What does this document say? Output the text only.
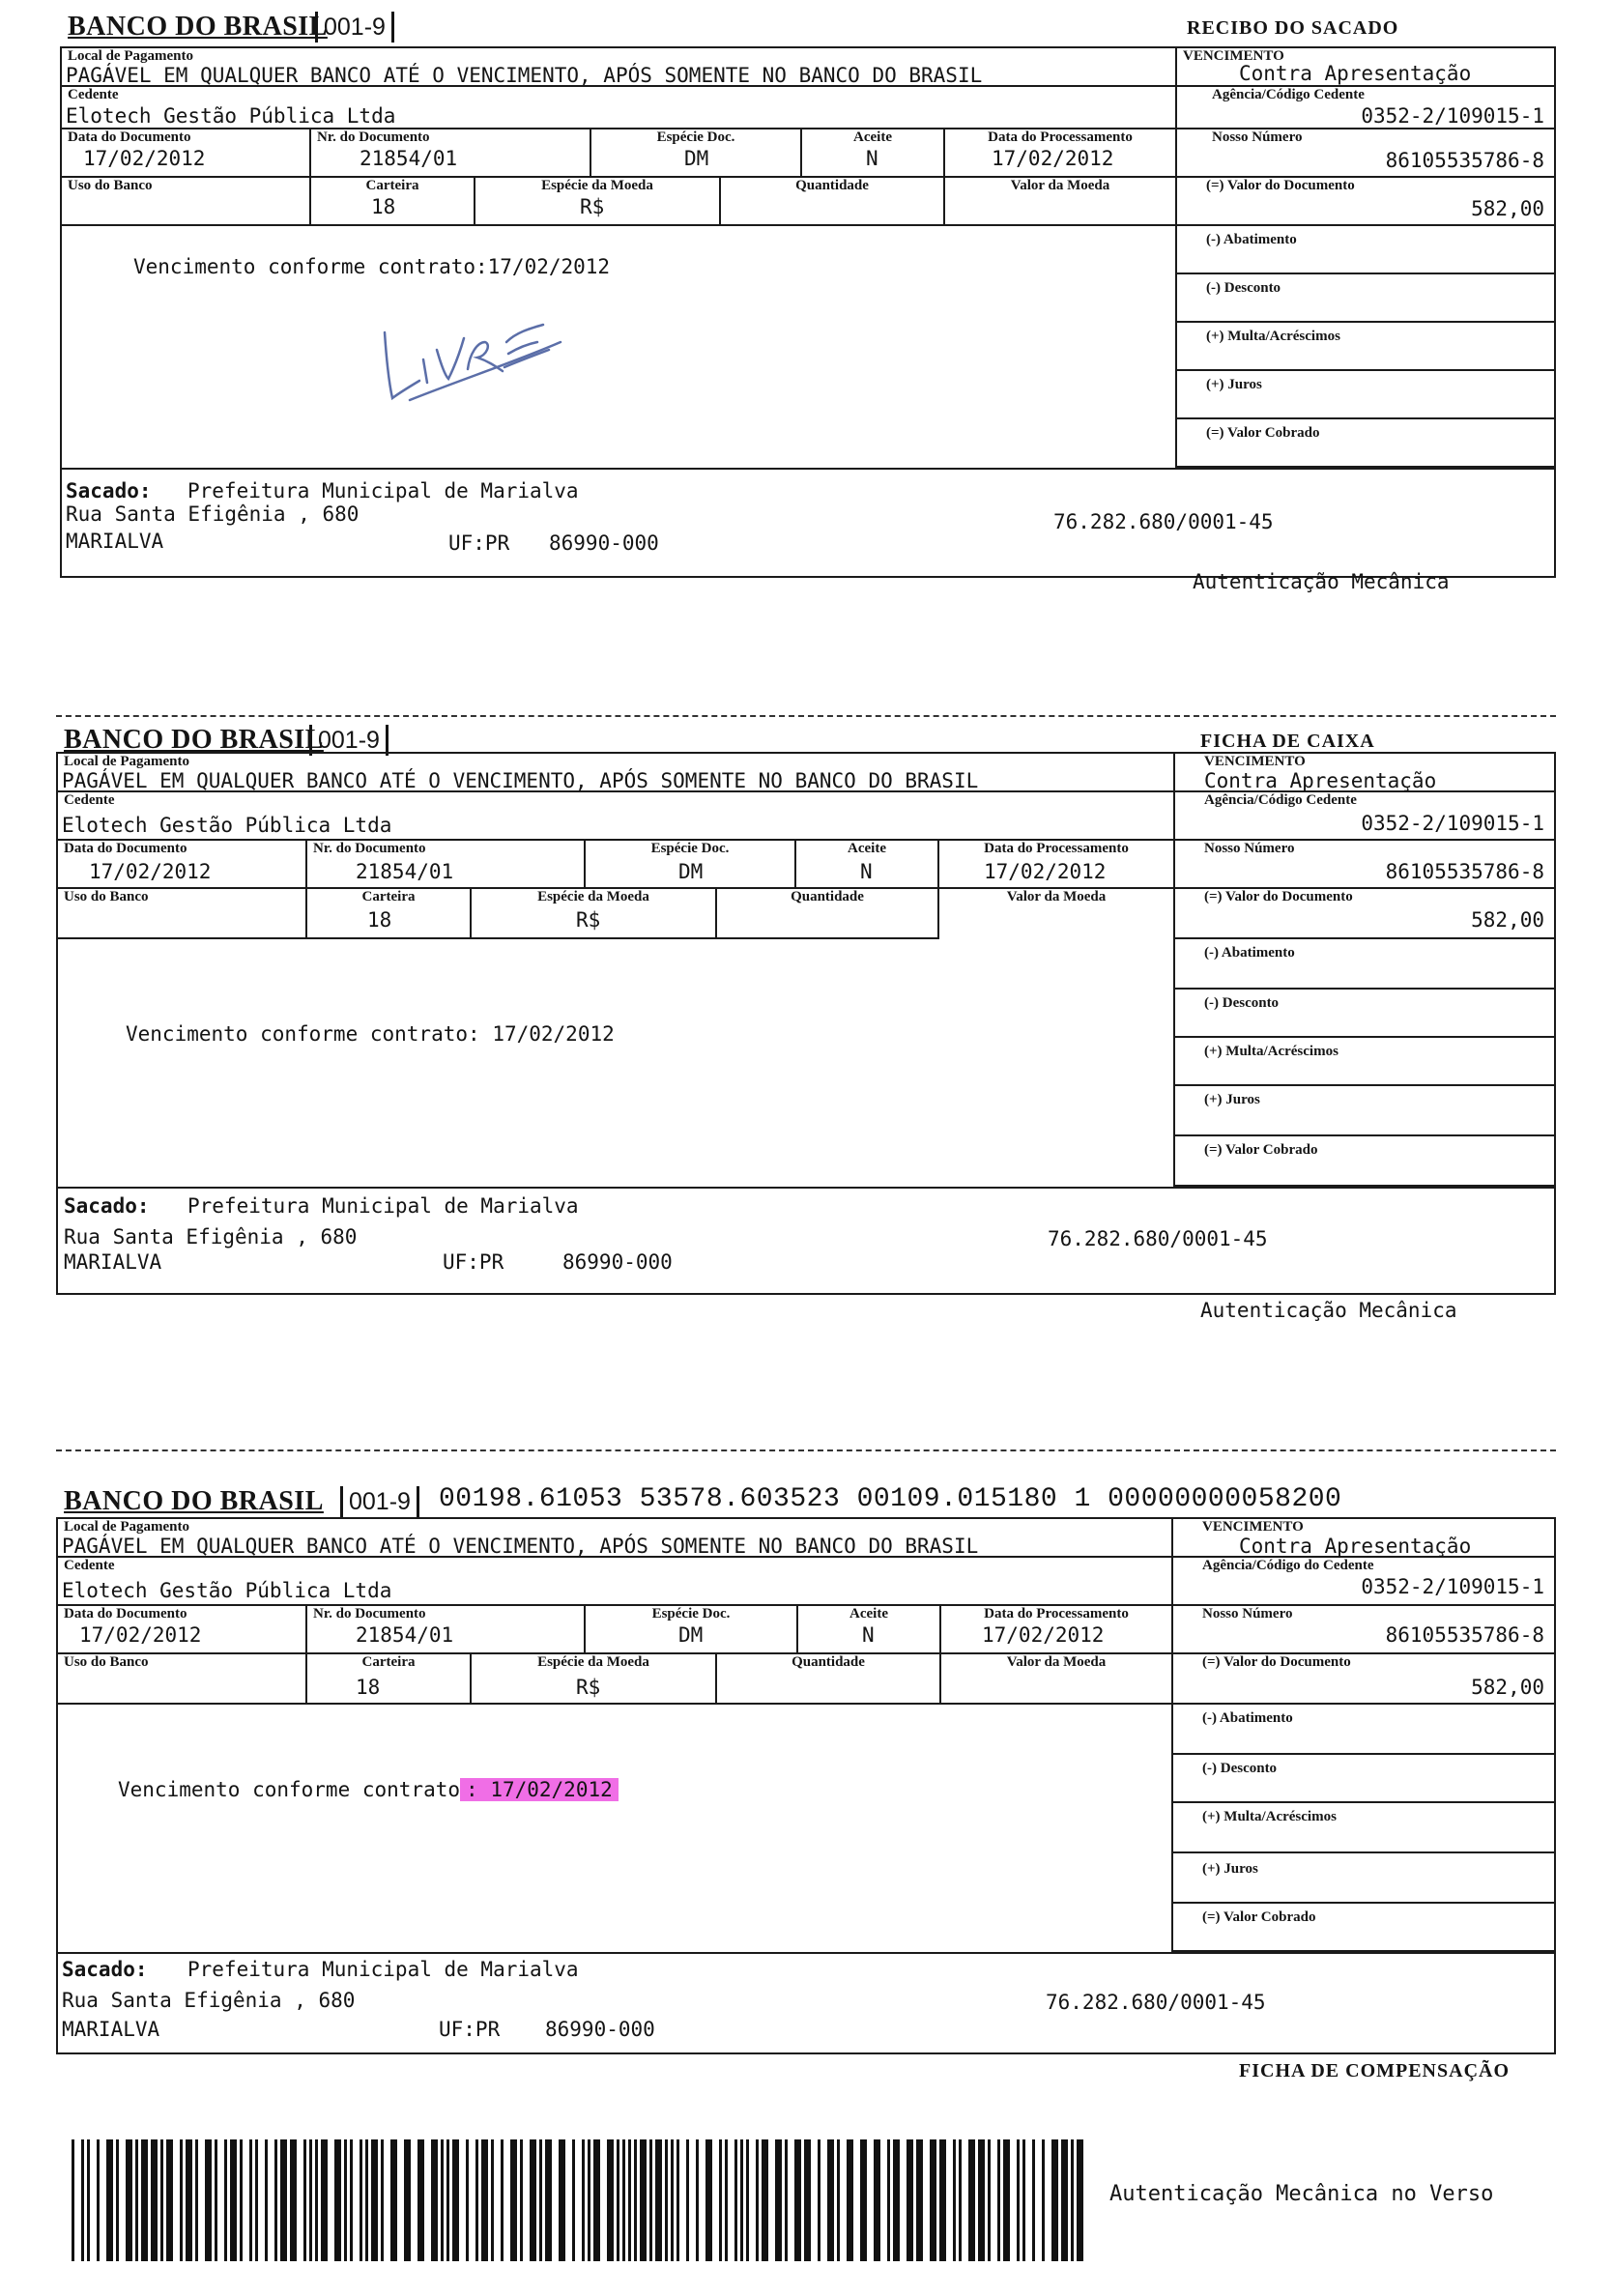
BANCO DO BRASIL
001-9	RECIBO DO SACADO
Local de Pagamento
PAGÁVEL EM QUALQUER BANCO ATÉ O VENCIMENTO, APÓS SOMENTE NO BANCO DO BRASIL
VENCIMENTO
Contra Apresentação
Cedente
Elotech Gestão Pública Ltda
Agência/Código Cedente
0352-2/109015-1
Data do Documento
17/02/2012
Nr. do Documento
21854/01
Espécie Doc.
DM
Aceite
N
Data do Processamento
17/02/2012
Nosso Número
86105535786-8
Uso do Banco	Carteira
18
Espécie da Moeda
R$
Quantidade	Valor da Moeda	(=) Valor do Documento
582,00
Vencimento conforme contrato:17/02/2012
Livre
(-) Abatimento
(-) Desconto
(+) Multa/Acréscimos
(+) Juros
(=) Valor Cobrado
Sacado: Prefeitura Municipal de Marialva
Rua Santa Efigênia , 680
MARIALVA	UF:PR 86990-000
76.282.680/0001-45
Autenticação Mecânica
BANCO DO BRASIL
001-9	FICHA DE CAIXA
Local de Pagamento
PAGÁVEL EM QUALQUER BANCO ATÉ O VENCIMENTO, APÓS SOMENTE NO BANCO DO BRASIL
VENCIMENTO
Contra Apresentação
Cedente
Elotech Gestão Pública Ltda
Agência/Código Cedente
0352-2/109015-1
Data do Documento
17/02/2012
Nr. do Documento
21854/01
Espécie Doc.
DM
Aceite
N
Data do Processamento
17/02/2012
Nosso Número
86105535786-8
Uso do Banco	Carteira
18
Espécie da Moeda
R$
Quantidade	Valor da Moeda	(=) Valor do Documento
582,00
Vencimento conforme contrato: 17/02/2012
(-) Abatimento
(-) Desconto
(+) Multa/Acréscimos
(+) Juros
(=) Valor Cobrado
Sacado: Prefeitura Municipal de Marialva
Rua Santa Efigênia , 680
MARIALVA	UF:PR	86990-000
76.282.680/0001-45
Autenticação Mecânica
BANCO DO BRASIL	001-9	00198.61053 53578.603523 00109.015180 1 00000000058200
Local de Pagamento
PAGÁVEL EM QUALQUER BANCO ATÉ O VENCIMENTO, APÓS SOMENTE NO BANCO DO BRASIL
VENCIMENTO
Contra Apresentação
Cedente
Elotech Gestão Pública Ltda
Agência/Código do Cedente
0352-2/109015-1
Data do Documento
17/02/2012
Nr. do Documento
21854/01
Espécie Doc.
DM
Aceite
N
Data do Processamento
17/02/2012
Nosso Número
86105535786-8
Uso do Banco	Carteira
18
Espécie da Moeda
R$
Quantidade	Valor da Moeda	(=) Valor do Documento
582,00
Vencimento conforme contrato : 17/02/2012
(-) Abatimento
(-) Desconto
(+) Multa/Acréscimos
(+) Juros
(=) Valor Cobrado
Sacado: Prefeitura Municipal de Marialva
Rua Santa Efigênia , 680
MARIALVA	UF:PR 86990-000
76.282.680/0001-45
FICHA DE COMPENSAÇÃO
Autenticação Mecânica no Verso
